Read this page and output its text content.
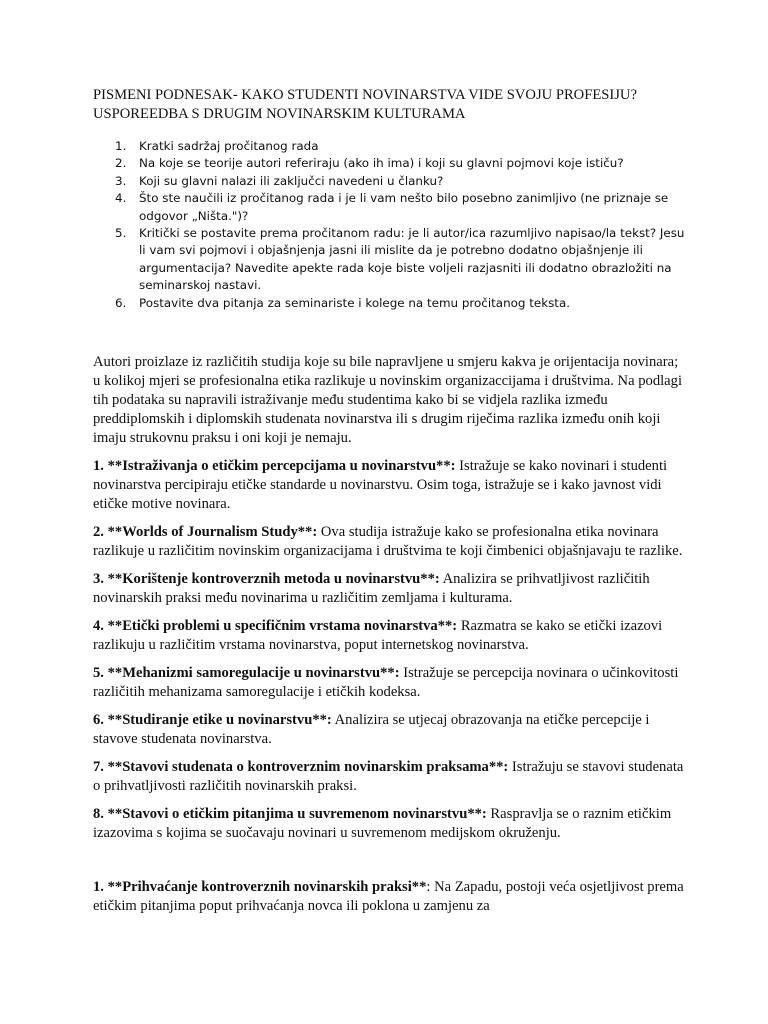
PISMENI PODNESAK- KAKO STUDENTI NOVINARSTVA VIDE SVOJU PROFESIJU?
USPOREEDBA S DRUGIM NOVINARSKIM KULTURAMA
1. Kratki sadržaj pročitanog rada
2. Na koje se teorije autori referiraju (ako ih ima) i koji su glavni pojmovi koje ističu?
3. Koji su glavni nalazi ili zaključci navedeni u članku?
4. Što ste naučili iz pročitanog rada i je li vam nešto bilo posebno zanimljivo (ne priznaje se odgovor „Ništa.")?
5. Kritički se postavite prema pročitanom radu: je li autor/ica razumljivo napisao/la tekst? Jesu li vam svi pojmovi i objašnjenja jasni ili mislite da je potrebno dodatno objašnjenje ili argumentacija? Navedite apekte rada koje biste voljeli razjasniti ili dodatno obrazložiti na seminarskoj nastavi.
6. Postavite dva pitanja za seminariste i kolege na temu pročitanog teksta.

Autori proizlaze iz različitih studija koje su bile napravljene u smjeru kakva je orijentacija novinara; u kolikoj mjeri se profesionalna etika razlikuje u novinskim organizaccijama i društvima. Na podlagi tih podataka su napravili istraživanje među studentima kako bi se vidjela razlika između preddiplomskih i diplomskih studenata novinarstva ili s drugim riječima razlika između onih koji imaju strukovnu praksu i oni koji je nemaju.

1. **Istraživanja o etičkim percepcijama u novinarstvu**: Istražuje se kako novinari i studenti novinarstva percipiraju etičke standarde u novinarstvu. Osim toga, istražuje se i kako javnost vidi etičke motive novinara.

2. **Worlds of Journalism Study**: Ova studija istražuje kako se profesionalna etika novinara razlikuje u različitim novinskim organizacijama i društvima te koji čimbenici objašnjavaju te razlike.

3. **Korištenje kontroverznih metoda u novinarstvu**: Analizira se prihvatljivost različitih novinarskih praksi među novinarima u različitim zemljama i kulturama.

4. **Etički problemi u specifičnim vrstama novinarstva**: Razmatra se kako se etički izazovi razlikuju u različitim vrstama novinarstva, poput internetskog novinarstva.

5. **Mehanizmi samoregulacije u novinarstvu**: Istražuje se percepcija novinara o učinkovitosti različitih mehanizama samoregulacije i etičkih kodeksa.

6. **Studiranje etike u novinarstvu**: Analizira se utjecaj obrazovanja na etičke percepcije i stavove studenata novinarstva.

7. **Stavovi studenata o kontroverznim novinarskim praksama**: Istražuju se stavovi studenata o prihvatljivosti različitih novinarskih praksi.

8. **Stavovi o etičkim pitanjima u suvremenom novinarstvu**: Raspravlja se o raznim etičkim izazovima s kojima se suočavaju novinari u suvremenom medijskom okruženju.

1. **Prihvaćanje kontroverznih novinarskih praksi**: Na Zapadu, postoji veća osjetljivost prema etičkim pitanjima poput prihvaćanja novca ili poklona u zamjenu za
